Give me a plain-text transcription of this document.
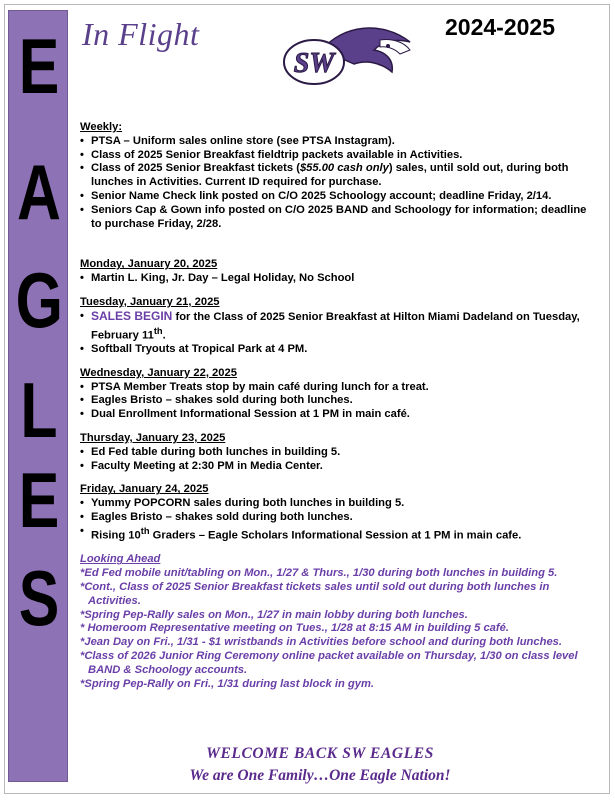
E
A
G
L
E
S
In Flight
SW
2024-2025
Weekly:
• PTSA – Uniform sales online store (see PTSA Instagram).
• Class of 2025 Senior Breakfast fieldtrip packets available in Activities.
• Class of 2025 Senior Breakfast tickets ($55.00 cash only) sales, until sold out, during both lunches in Activities. Current ID required for purchase.
• Senior Name Check link posted on C/O 2025 Schoology account; deadline Friday, 2/14.
• Seniors Cap & Gown info posted on C/O 2025 BAND and Schoology for information; deadline to purchase Friday, 2/28.
Monday, January 20, 2025
• Martin L. King, Jr. Day – Legal Holiday, No School
Tuesday, January 21, 2025
• SALES BEGIN for the Class of 2025 Senior Breakfast at Hilton Miami Dadeland on Tuesday, February 11th.
• Softball Tryouts at Tropical Park at 4 PM.
Wednesday, January 22, 2025
• PTSA Member Treats stop by main café during lunch for a treat.
• Eagles Bristo – shakes sold during both lunches.
• Dual Enrollment Informational Session at 1 PM in main café.
Thursday, January 23, 2025
• Ed Fed table during both lunches in building 5.
• Faculty Meeting at 2:30 PM in Media Center.
Friday, January 24, 2025
• Yummy POPCORN sales during both lunches in building 5.
• Eagles Bristo – shakes sold during both lunches.
• Rising 10th Graders – Eagle Scholars Informational Session at 1 PM in main cafe.
Looking Ahead
*Ed Fed mobile unit/tabling on Mon., 1/27 & Thurs., 1/30 during both lunches in building 5.
*Cont., Class of 2025 Senior Breakfast tickets sales until sold out during both lunches in Activities.
*Spring Pep-Rally sales on Mon., 1/27 in main lobby during both lunches.
* Homeroom Representative meeting on Tues., 1/28 at 8:15 AM in building 5 café.
*Jean Day on Fri., 1/31 - $1 wristbands in Activities before school and during both lunches.
*Class of 2026 Junior Ring Ceremony online packet available on Thursday, 1/30 on class level BAND & Schoology accounts.
*Spring Pep-Rally on Fri., 1/31 during last block in gym.
WELCOME BACK SW EAGLES
We are One Family…One Eagle Nation!
